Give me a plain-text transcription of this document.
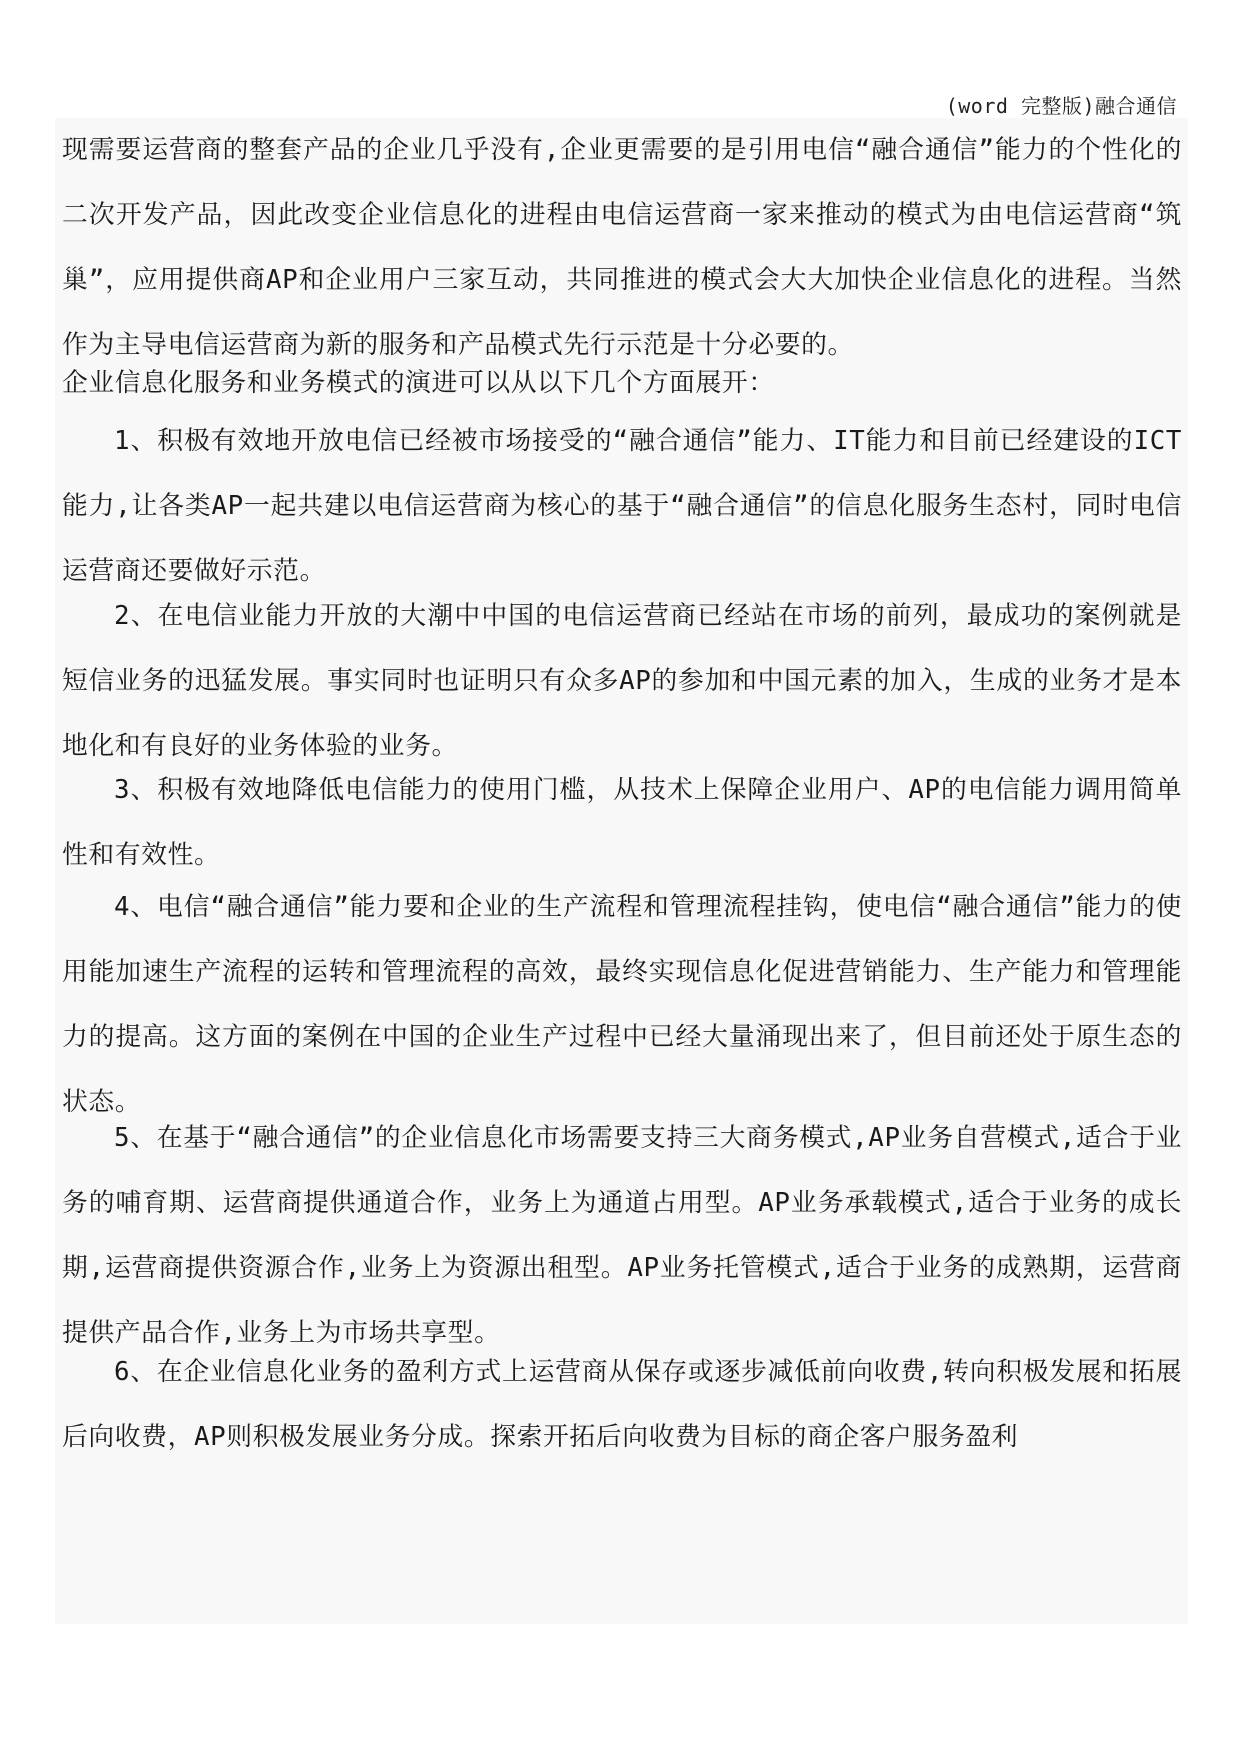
(word 完整版)融合通信

现需要运营商的整套产品的企业几乎没有,企业更需要的是引用电信“融合通信”能力的个性化的二次开发产品，因此改变企业信息化的进程由电信运营商一家来推动的模式为由电信运营商“筑巢”，应用提供商AP和企业用户三家互动，共同推进的模式会大大加快企业信息化的进程。当然作为主导电信运营商为新的服务和产品模式先行示范是十分必要的。

企业信息化服务和业务模式的演进可以从以下几个方面展开：

1、积极有效地开放电信已经被市场接受的“融合通信”能力、IT能力和目前已经建设的ICT能力,让各类AP一起共建以电信运营商为核心的基于“融合通信”的信息化服务生态村，同时电信运营商还要做好示范。

2、在电信业能力开放的大潮中中国的电信运营商已经站在市场的前列，最成功的案例就是短信业务的迅猛发展。事实同时也证明只有众多AP的参加和中国元素的加入，生成的业务才是本地化和有良好的业务体验的业务。

3、积极有效地降低电信能力的使用门槛，从技术上保障企业用户、AP的电信能力调用简单性和有效性。

4、电信“融合通信”能力要和企业的生产流程和管理流程挂钩，使电信“融合通信”能力的使用能加速生产流程的运转和管理流程的高效，最终实现信息化促进营销能力、生产能力和管理能力的提高。这方面的案例在中国的企业生产过程中已经大量涌现出来了，但目前还处于原生态的状态。

5、在基于“融合通信”的企业信息化市场需要支持三大商务模式,AP业务自营模式,适合于业务的哺育期、运营商提供通道合作，业务上为通道占用型。AP业务承载模式,适合于业务的成长期,运营商提供资源合作,业务上为资源出租型。AP业务托管模式,适合于业务的成熟期，运营商提供产品合作,业务上为市场共享型。

6、在企业信息化业务的盈利方式上运营商从保存或逐步减低前向收费,转向积极发展和拓展后向收费，AP则积极发展业务分成。探索开拓后向收费为目标的商企客户服务盈利
